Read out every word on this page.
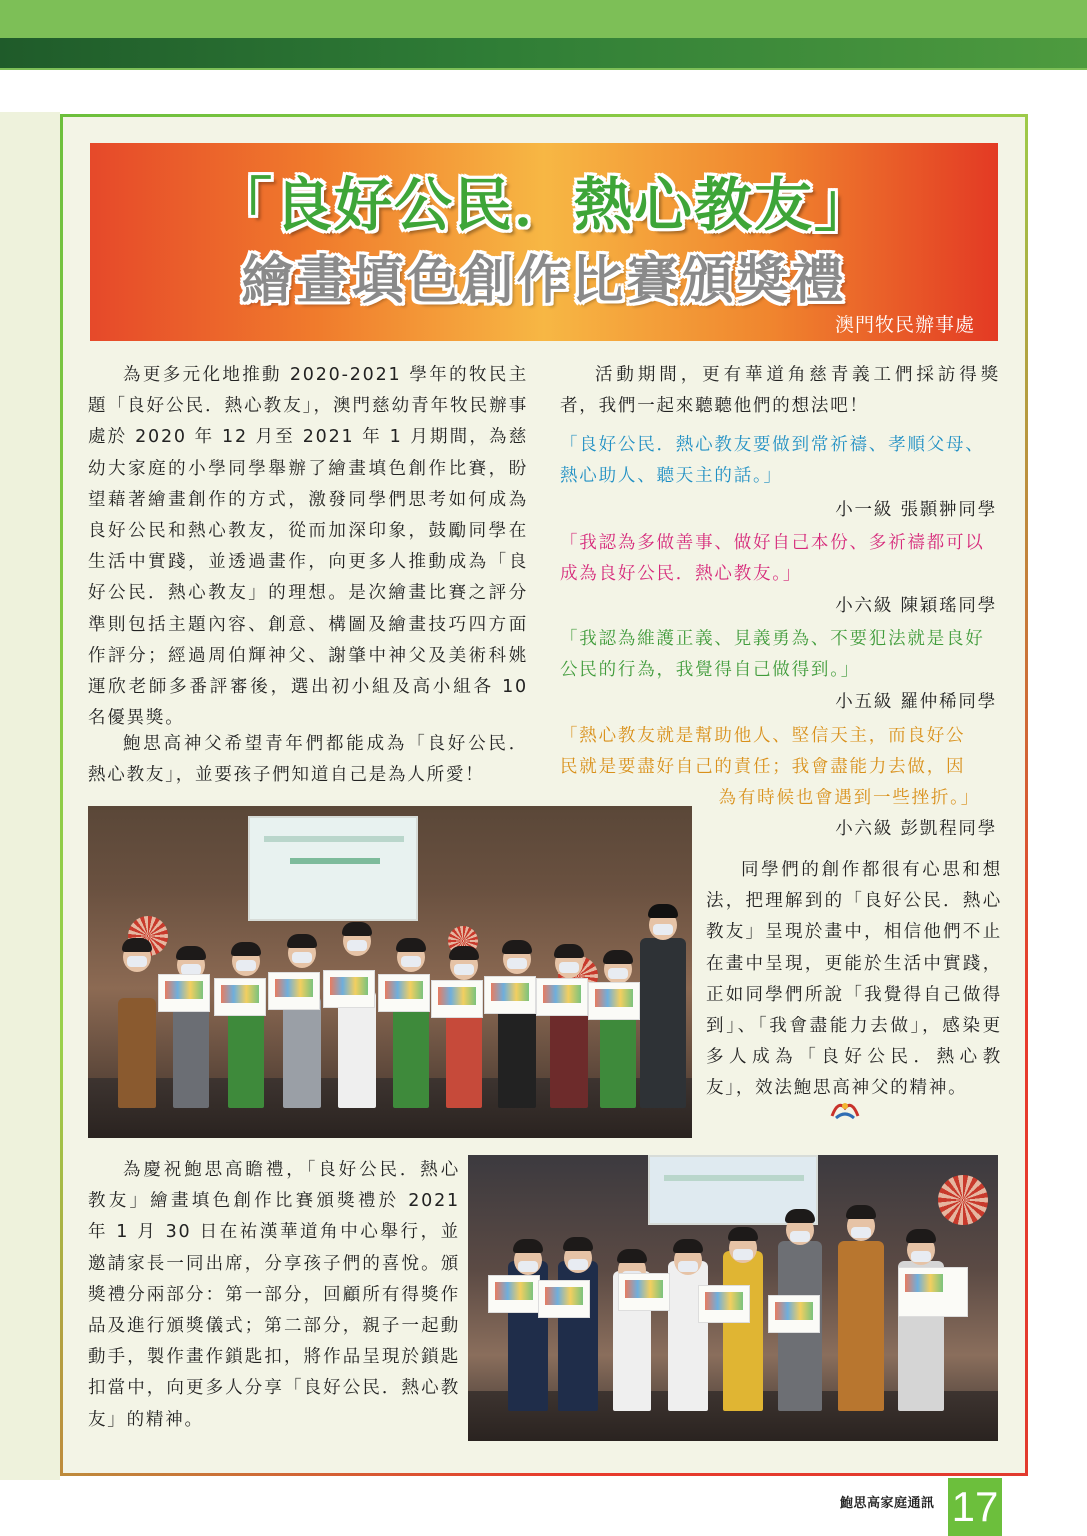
「良好公民．熱心教友」
繪畫填色創作比賽頒獎禮
澳門牧民辦事處

為更多元化地推動 2020-2021 學年的牧民主題「良好公民．熱心教友」，澳門慈幼青年牧民辦事處於 2020 年 12 月至 2021 年 1 月期間，為慈幼大家庭的小學同學舉辦了繪畫填色創作比賽，盼望藉著繪畫創作的方式，激發同學們思考如何成為良好公民和熱心教友，從而加深印象，鼓勵同學在生活中實踐，並透過畫作，向更多人推動成為「良好公民．熱心教友」的理想。是次繪畫比賽之評分準則包括主題內容、創意、構圖及繪畫技巧四方面作評分；經過周伯輝神父、謝肇中神父及美術科姚運欣老師多番評審後，選出初小組及高小組各 10 名優異獎。

鮑思高神父希望青年們都能成為「良好公民．熱心教友」，並要孩子們知道自己是為人所愛！

活動期間，更有華道角慈青義工們採訪得獎者，我們一起來聽聽他們的想法吧！

「良好公民．熱心教友要做到常祈禱、孝順父母、熱心助人、聽天主的話。」

小一級 張顥翀同學

「我認為多做善事、做好自己本份、多祈禱都可以成為良好公民．熱心教友。」

小六級 陳穎瑤同學

「我認為維護正義、見義勇為、不要犯法就是良好公民的行為，我覺得自己做得到。」

小五級 羅仲稀同學

「熱心教友就是幫助他人、堅信天主，而良好公
民就是要盡好自己的責任；我會盡能力去做，因
為有時候也會遇到一些挫折。」

小六級 彭凱程同學

同學們的創作都很有心思和想法，把理解到的「良好公民．熱心教友」呈現於畫中，相信他們不止在畫中呈現，更能於生活中實踐，正如同學們所說「我覺得自己做得到」、「我會盡能力去做」，感染更多人成為「良好公民．熱心教友」，效法鮑思高神父的精神。

為慶祝鮑思高瞻禮，「良好公民．熱心教友」繪畫填色創作比賽頒獎禮於 2021 年 1 月 30 日在祐漢華道角中心舉行，並邀請家長一同出席，分享孩子們的喜悅。頒獎禮分兩部分：第一部分，回顧所有得獎作品及進行頒獎儀式；第二部分，親子一起動動手，製作畫作鎖匙扣，將作品呈現於鎖匙扣當中，向更多人分享「良好公民．熱心教友」的精神。

鮑思高家庭通訊 17
